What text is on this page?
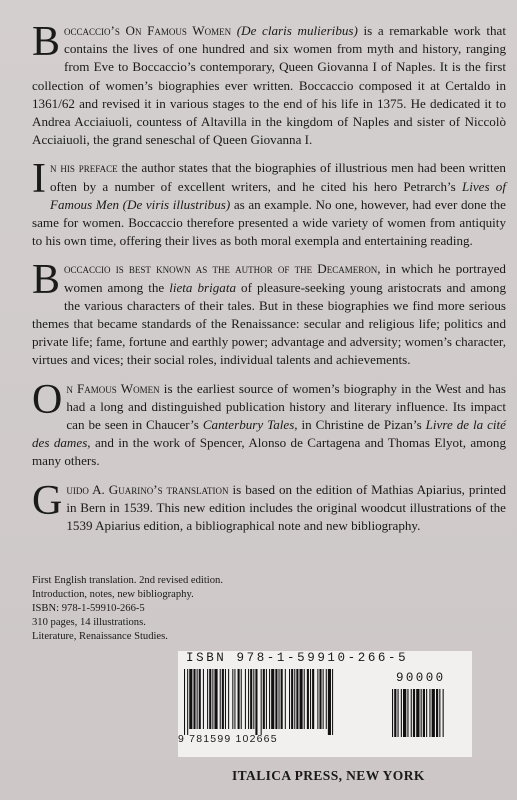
Boccaccio’s On Famous Women (De claris mulieribus) is a remarkable work that contains the lives of one hundred and six women from myth and history, ranging from Eve to Boccaccio’s contemporary, Queen Giovanna I of Naples. It is the first collection of women’s biographies ever written. Boccaccio composed it at Certaldo in 1361/62 and revised it in various stages to the end of his life in 1375. He dedicated it to Andrea Acciaiuoli, countess of Altavilla in the kingdom of Naples and sister of Niccolò Acciaiuoli, the grand seneschal of Queen Giovanna I.

In his preface the author states that the biographies of illustrious men had been written often by a number of excellent writers, and he cited his hero Petrarch’s Lives of Famous Men (De viris illustribus) as an example. No one, however, had ever done the same for women. Boccaccio therefore presented a wide variety of women from antiquity to his own time, offering their lives as both moral exempla and entertaining reading.

Boccaccio is best known as the author of the Decameron, in which he portrayed women among the lieta brigata of pleasure-seeking young aristocrats and among the various characters of their tales. But in these biographies we find more serious themes that became standards of the Renaissance: secular and religious life; politics and private life; fame, fortune and earthly power; advantage and adversity; women’s character, virtues and vices; their social roles, individual talents and achievements.

On Famous Women is the earliest source of women’s biography in the West and has had a long and distinguished publication history and literary influence. Its impact can be seen in Chaucer’s Canterbury Tales, in Christine de Pizan’s Livre de la cité des dames, and in the work of Spencer, Alonso de Cartagena and Thomas Elyot, among many others.

Guido A. Guarino’s translation is based on the edition of Mathias Apiarius, printed in Bern in 1539. This new edition includes the original woodcut illustrations of the 1539 Apiarius edition, a bibliographical note and new bibliography.

First English translation. 2nd revised edition.
Introduction, notes, new bibliography.
ISBN: 978-1-59910-266-5
310 pages, 14 illustrations.
Literature, Renaissance Studies.
ISBN 978-1-59910-266-5
9 781599 102665
90000
ITALICA PRESS, NEW YORK
